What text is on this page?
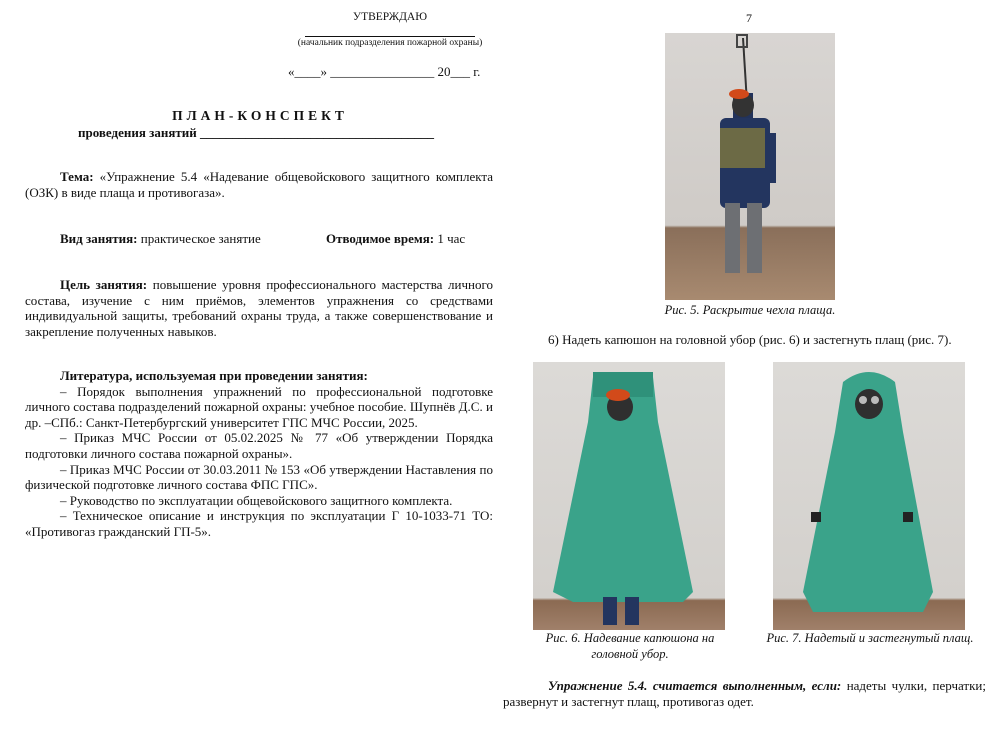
УТВЕРЖДАЮ
(начальник подразделения пожарной охраны)
«____» ________________ 20___ г.
ПЛАН-КОНСПЕКТ
проведения занятий ____________________________________

Тема: «Упражнение 5.4 «Надевание общевойскового защитного комплекта (ОЗК) в виде плаща и противогаза».

Вид занятия: практическое занятие	Отводимое время: 1 час

Цель занятия: повышение уровня профессионального мастерства личного состава, изучение с ним приёмов, элементов упражнения со средствами индивидуальной защиты, требований охраны труда, а также совершенствование и закрепление полученных навыков.

Литература, используемая при проведении занятия:

– Порядок выполнения упражнений по профессиональной подготовке личного состава подразделений пожарной охраны: учебное пособие. Шупнёв Д.С. и др. –СПб.: Санкт-Петербургский университет ГПС МЧС России, 2025.

– Приказ МЧС России от 05.02.2025 № 77 «Об утверждении Порядка подготовки личного состава пожарной охраны».

– Приказ МЧС России от 30.03.2011 № 153 «Об утверждении Наставления по физической подготовке личного состава ФПС ГПС».

– Руководство по эксплуатации общевойскового защитного комплекта.

– Техническое описание и инструкция по эксплуатации Г 10-1033-71 ТО: «Противогаз гражданский ГП-5».

7
Рис. 5. Раскрытие чехла плаща.
6) Надеть капюшон на головной убор (рис. 6) и застегнуть плащ (рис. 7).
Рис. 6. Надевание капюшона на головной убор.
Рис. 7. Надетый и застегнутый плащ.

Упражнение 5.4. считается выполненным, если: надеты чулки, перчатки; развернут и застегнут плащ, противогаз одет.
